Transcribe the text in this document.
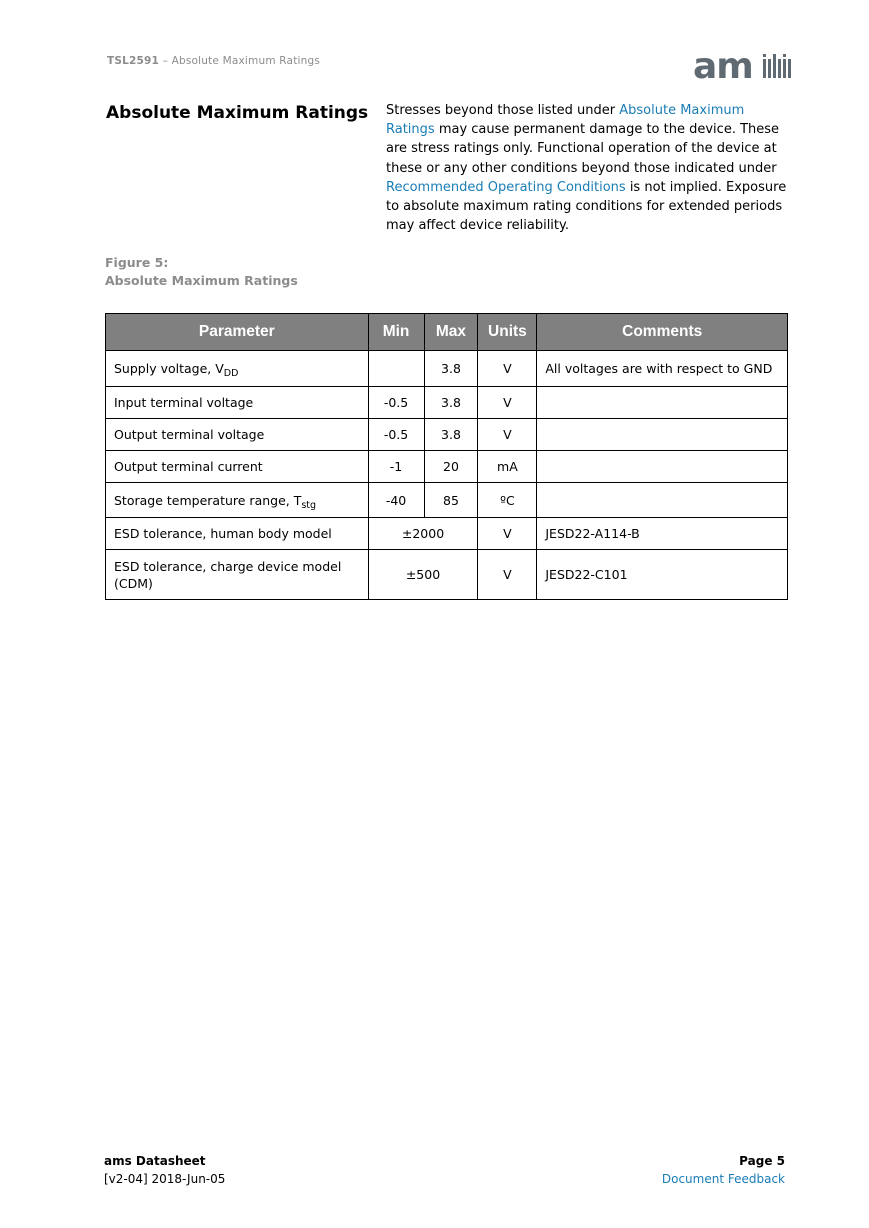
TSL2591 – Absolute Maximum Ratings	am
Absolute Maximum Ratings Stresses beyond those listed under Absolute Maximum Ratings may cause permanent damage to the device. These are stress ratings only. Functional operation of the device at these or any other conditions beyond those indicated under Recommended Operating Conditions is not implied. Exposure to absolute maximum rating conditions for extended periods may affect device reliability.
Figure 5:
Absolute Maximum Ratings
Parameter	Min	Max	Units	Comments
Supply voltage, $V_{DD}$		3.8	V	All voltages are with respect to GND
Input terminal voltage	-0.5	3.8	V	
Output terminal voltage	-0.5	3.8	V	
Output terminal current	-1	20	mA	
Storage temperature range, $T_{stg}$	-40	85	ºC	
ESD tolerance, human body model	±2000		V	JESD22-A114-B
ESD tolerance, charge device model (CDM)	±500		V	JESD22-C101
ams Datasheet
[v2-04] 2018-Jun-05
Page 5
Document Feedback
